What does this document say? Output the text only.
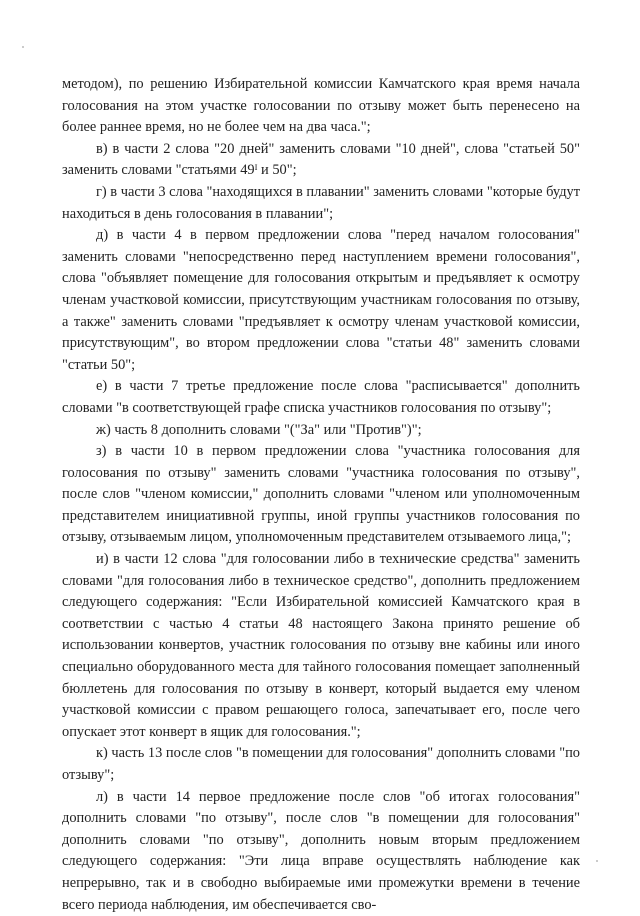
методом), по решению Избирательной комиссии Камчатского края время начала голосования на этом участке голосовании по отзыву может быть перенесено на более раннее время, но не более чем на два часа.";

в) в части 2 слова "20 дней" заменить словами "10 дней", слова "статьей 50" заменить словами "статьями 49ᴵ и 50";

г) в части 3 слова "находящихся в плавании" заменить словами "которые будут находиться в день голосования в плавании";

д) в части 4 в первом предложении слова "перед началом голосования" заменить словами "непосредственно перед наступлением времени голосования", слова "объявляет помещение для голосования открытым и предъявляет к осмотру членам участковой комиссии, присутствующим участникам голосования по отзыву, а также" заменить словами "предъявляет к осмотру членам участковой комиссии, присутствующим", во втором предложении слова "статьи 48" заменить словами "статьи 50";

е) в части 7 третье предложение после слова "расписывается" дополнить словами "в соответствующей графе списка участников голосования по отзыву";

ж) часть 8 дополнить словами "("За" или "Против")";

з) в части 10 в первом предложении слова "участника голосования для голосования по отзыву" заменить словами "участника голосования по отзыву", после слов "членом комиссии," дополнить словами "членом или уполномоченным представителем инициативной группы, иной группы участников голосования по отзыву, отзываемым лицом, уполномоченным представителем отзываемого лица,";

и) в части 12 слова "для голосовании либо в технические средства" заменить словами "для голосования либо в техническое средство", дополнить предложением следующего содержания: "Если Избирательной комиссией Камчатского края в соответствии с частью 4 статьи 48 настоящего Закона принято решение об использовании конвертов, участник голосования по отзыву вне кабины или иного специально оборудованного места для тайного голосования помещает заполненный бюллетень для голосования по отзыву в конверт, который выдается ему членом участковой комиссии с правом решающего голоса, запечатывает его, после чего опускает этот конверт в ящик для голосования.";

к) часть 13 после слов "в помещении для голосования" дополнить словами "по отзыву";

л) в части 14 первое предложение после слов "об итогах голосования" дополнить словами "по отзыву", после слов "в помещении для голосования" дополнить словами "по отзыву", дополнить новым вторым предложением следующего содержания: "Эти лица вправе осуществлять наблюдение как непрерывно, так и в свободно выбираемые ими промежутки времени в течение всего периода наблюдения, им обеспечивается сво-
